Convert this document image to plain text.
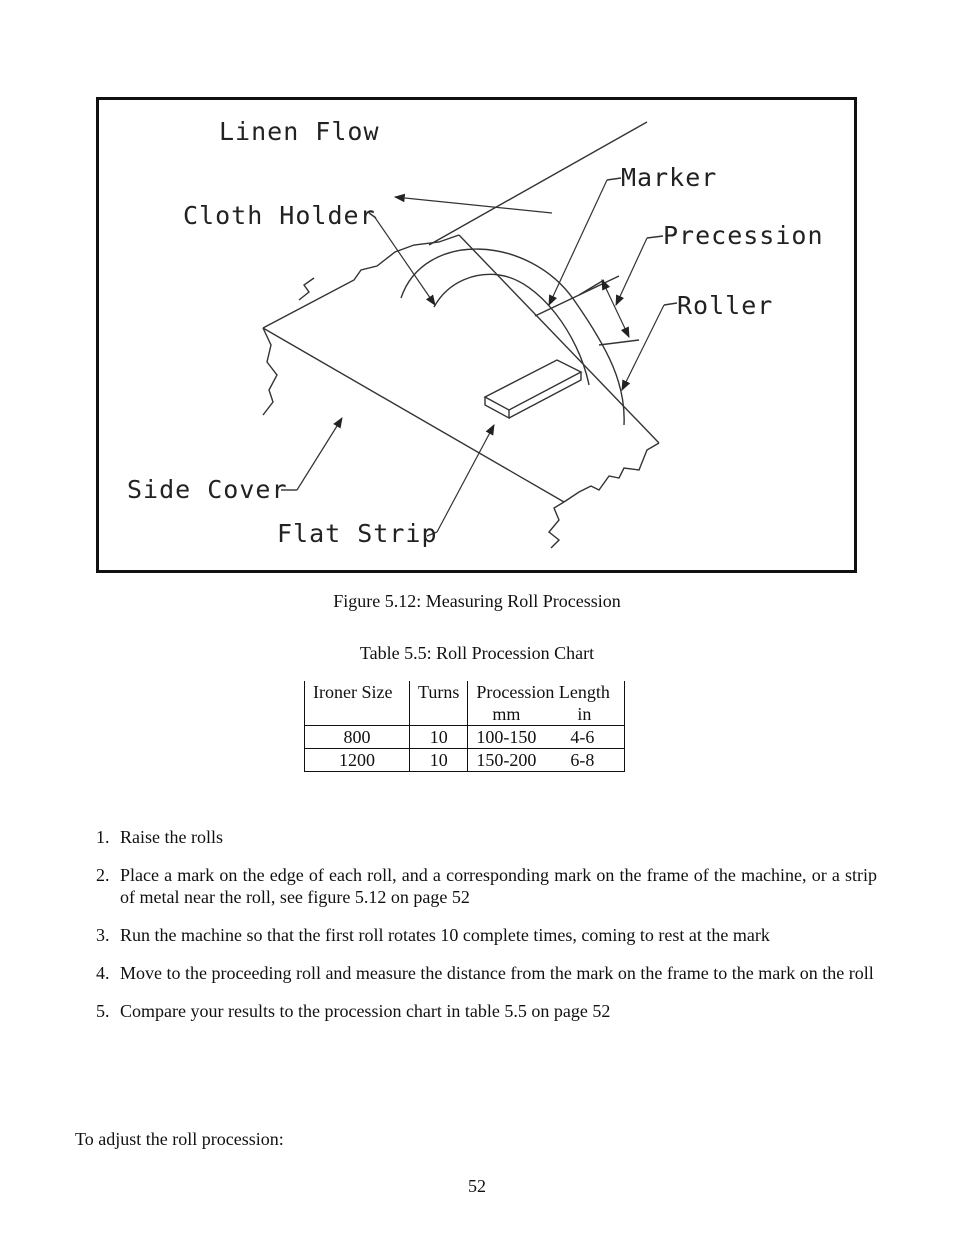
Linen Flow
Marker
Cloth Holder
Precession
Roller
Side Cover
Flat Strip
Figure 5.12: Measuring Roll Procession
Table 5.5: Roll Procession Chart
Ironer Size	Turns	Procession Length	
		mm	in
800	10	100-150	4-6
1200	10	150-200	6-8
1. Raise the rolls
2. Place a mark on the edge of each roll, and a corresponding mark on the frame of the machine, or a strip of metal near the roll, see figure 5.12 on page 52
3. Run the machine so that the first roll rotates 10 complete times, coming to rest at the mark
4. Move to the proceeding roll and measure the distance from the mark on the frame to the mark on the roll
5. Compare your results to the procession chart in table 5.5 on page 52
To adjust the roll procession:
52
